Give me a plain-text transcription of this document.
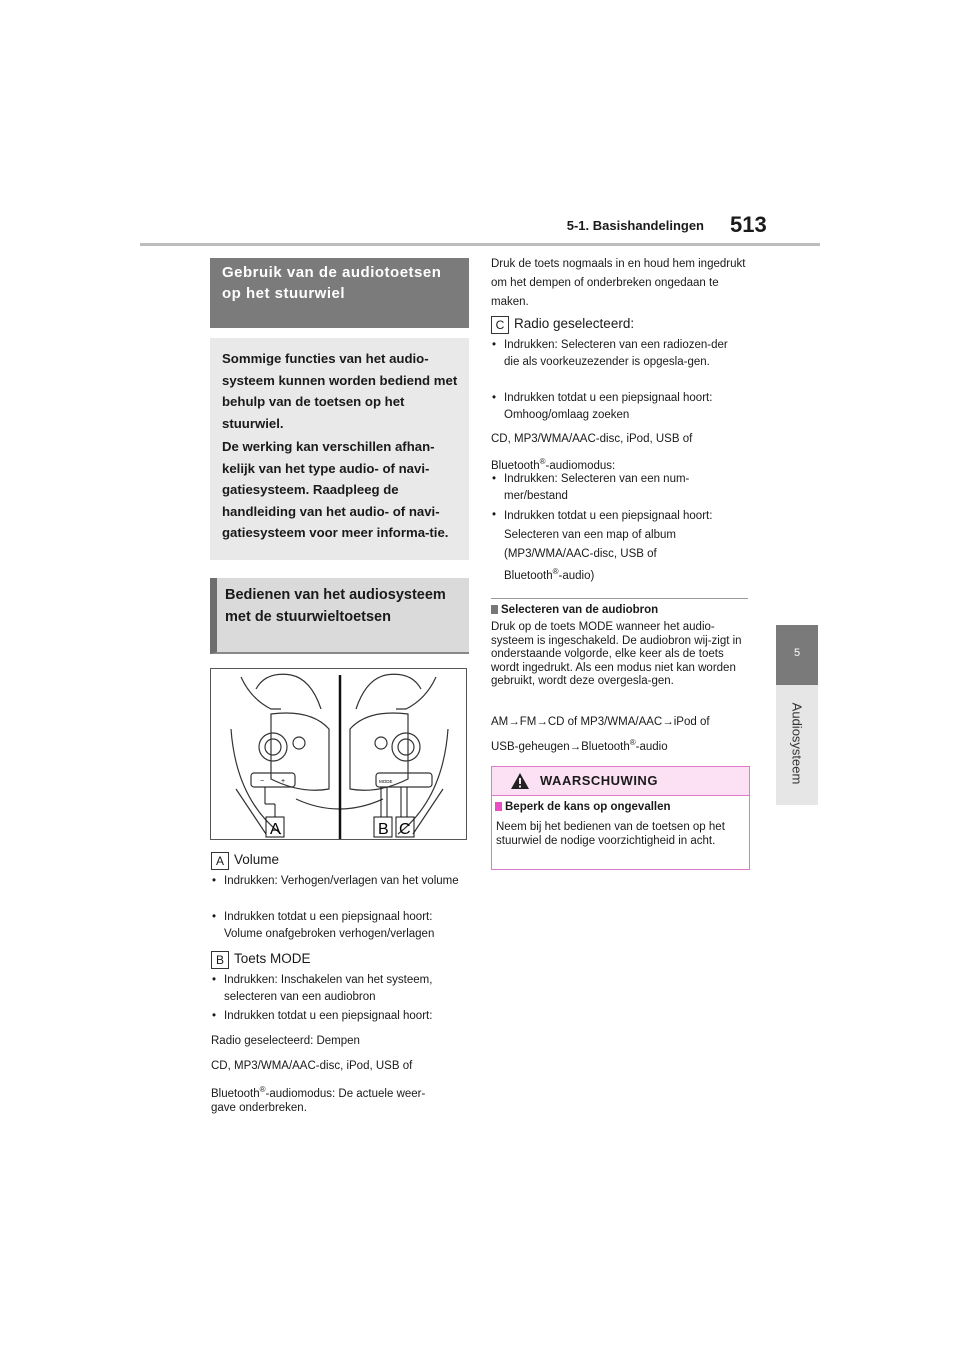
5-1. Basishandelingen 513
5
Audiosysteem
Gebruik van de audiotoetsen op het stuurwiel

Sommige functies van het audio-systeem kunnen worden bediend met behulp van de toetsen op het stuurwiel.

De werking kan verschillen afhan-kelijk van het type audio- of navi-gatiesysteem. Raadpleeg de handleiding van het audio- of navi-gatiesysteem voor meer informa-tie.

Bedienen van het audiosysteem met de stuurwieltoetsen
− +	MODE
A	B C
A Volume
• Indrukken: Verhogen/verlagen van het volume
• Indrukken totdat u een piepsignaal hoort: Volume onafgebroken verhogen/verlagen
B Toets MODE
• Indrukken: Inschakelen van het systeem, selecteren van een audiobron
• Indrukken totdat u een piepsignaal hoort:
Radio geselecteerd: Dempen
CD, MP3/WMA/AAC-disc, iPod, USB of
Bluetooth®-audiomodus: De actuele weer-
gave onderbreken.
Druk de toets nogmaals in en houd hem ingedrukt om het dempen of onderbreken ongedaan te maken.
C Radio geselecteerd:
• Indrukken: Selecteren van een radiozen-der die als voorkeuzezender is opgesla-gen.
• Indrukken totdat u een piepsignaal hoort: Omhoog/omlaag zoeken
CD, MP3/WMA/AAC-disc, iPod, USB of
Bluetooth®-audiomodus:
• Indrukken: Selecteren van een num-mer/bestand
• Indrukken totdat u een piepsignaal hoort: Selecteren van een map of album (MP3/WMA/AAC-disc, USB of
Bluetooth®-audio)
Selecteren van de audiobron
Druk op de toets MODE wanneer het audio-systeem is ingeschakeld. De audiobron wij-zigt in onderstaande volgorde, elke keer als de toets wordt ingedrukt. Als een modus niet kan worden gebruikt, wordt deze overgesla-gen.
AM→FM→CD of MP3/WMA/AAC→iPod of
USB-geheugen→Bluetooth®-audio
WAARSCHUWING
Beperk de kans op ongevallen
Neem bij het bedienen van de toetsen op het stuurwiel de nodige voorzichtigheid in acht.
